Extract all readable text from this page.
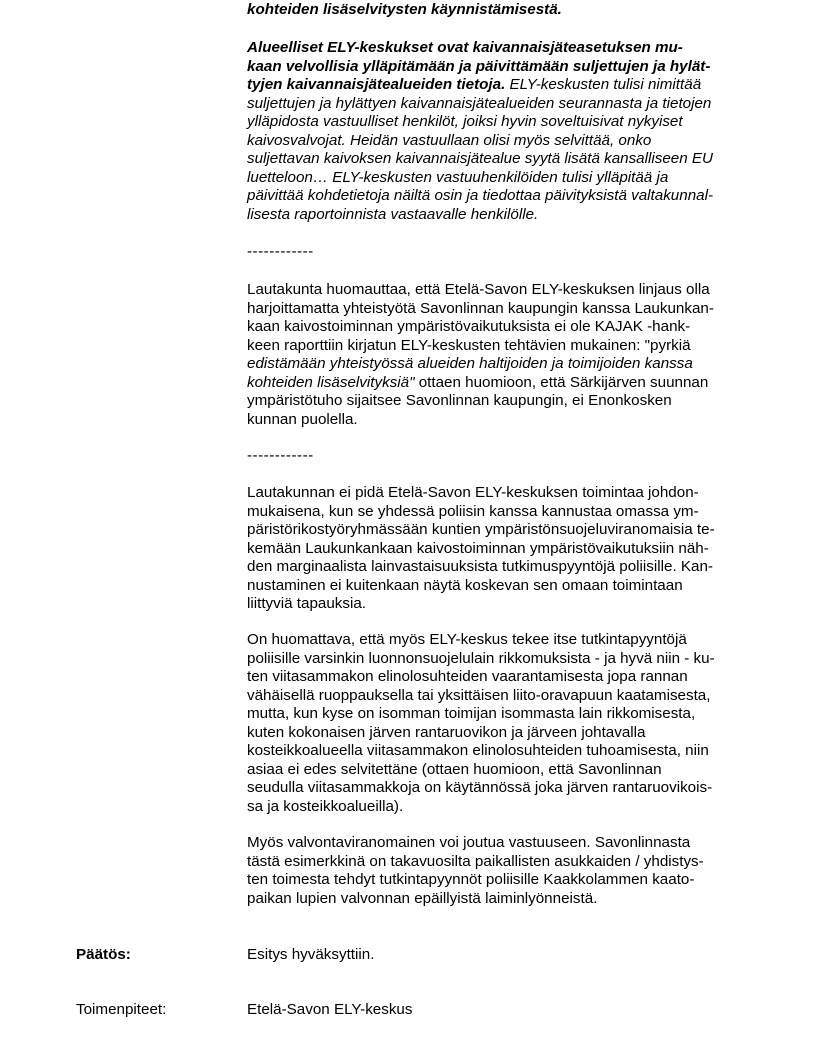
kohteiden lisäselvitysten käynnistämisestä.
Alueelliset ELY-keskukset ovat kaivannaisjäteasetuksen mu-
kaan velvollisia ylläpitämään ja päivittämään suljettujen ja hylät-
tyjen kaivannaisjätealueiden tietoja. ELY-keskusten tulisi nimittää
suljettujen ja hylättyen kaivannaisjätealueiden seurannasta ja tietojen
ylläpidosta vastuulliset henkilöt, joiksi hyvin soveltuisivat nykyiset
kaivosvalvojat. Heidän vastuullaan olisi myös selvittää, onko
suljettavan kaivoksen kaivannaisjätealue syytä lisätä kansalliseen EU
luetteloon… ELY-keskusten vastuuhenkilöiden tulisi ylläpitää ja
päivittää kohdetietoja näiltä osin ja tiedottaa päivityksistä valtakunnal-
lisesta raportoinnista vastaavalle henkilölle.
------------
Lautakunta huomauttaa, että Etelä-Savon ELY-keskuksen linjaus olla
harjoittamatta yhteistyötä Savonlinnan kaupungin kanssa Laukunkan-
kaan kaivostoiminnan ympäristövaikutuksista ei ole KAJAK -hank-
keen raporttiin kirjatun ELY-keskusten tehtävien mukainen: "pyrkiä
edistämään yhteistyössä alueiden haltijoiden ja toimijoiden kanssa
kohteiden lisäselvityksiä" ottaen huomioon, että Särkijärven suunnan
ympäristötuho sijaitsee Savonlinnan kaupungin, ei Enonkosken
kunnan puolella.
------------
Lautakunnan ei pidä Etelä-Savon ELY-keskuksen toimintaa johdon-
mukaisena, kun se yhdessä poliisin kanssa kannustaa omassa ym-
päristörikostyöryhmässään kuntien ympäristönsuojeluviranomaisia te-
kemään Laukunkankaan kaivostoiminnan ympäristövaikutuksiin näh-
den marginaalista lainvastaisuuksista tutkimuspyyntöjä poliisille. Kan-
nustaminen ei kuitenkaan näytä koskevan sen omaan toimintaan
liittyviä tapauksia.
On huomattava, että myös ELY-keskus tekee itse tutkintapyyntöjä
poliisille varsinkin luonnonsuojelulain rikkomuksista - ja hyvä niin - ku-
ten viitasammakon elinolosuhteiden vaarantamisesta jopa rannan
vähäisellä ruoppauksella tai yksittäisen liito-oravapuun kaatamisesta,
mutta, kun kyse on isomman toimijan isommasta lain rikkomisesta,
kuten kokonaisen järven rantaruovikon ja järveen johtavalla
kosteikkoalueella viitasammakon elinolosuhteiden tuhoamisesta, niin
asiaa ei edes selvitettäne (ottaen huomioon, että Savonlinnan
seudulla viitasammakkoja on käytännössä joka järven rantaruovikois-
sa ja kosteikkoalueilla).
Myös valvontaviranomainen voi joutua vastuuseen. Savonlinnasta
tästä esimerkkinä on takavuosilta paikallisten asukkaiden / yhdistys-
ten toimesta tehdyt tutkintapyynnöt poliisille Kaakkolammen kaato-
paikan lupien valvonnan epäillyistä laiminlyönneistä.
Päätös:	Esitys hyväksyttiin.
Toimenpiteet:	Etelä-Savon ELY-keskus
